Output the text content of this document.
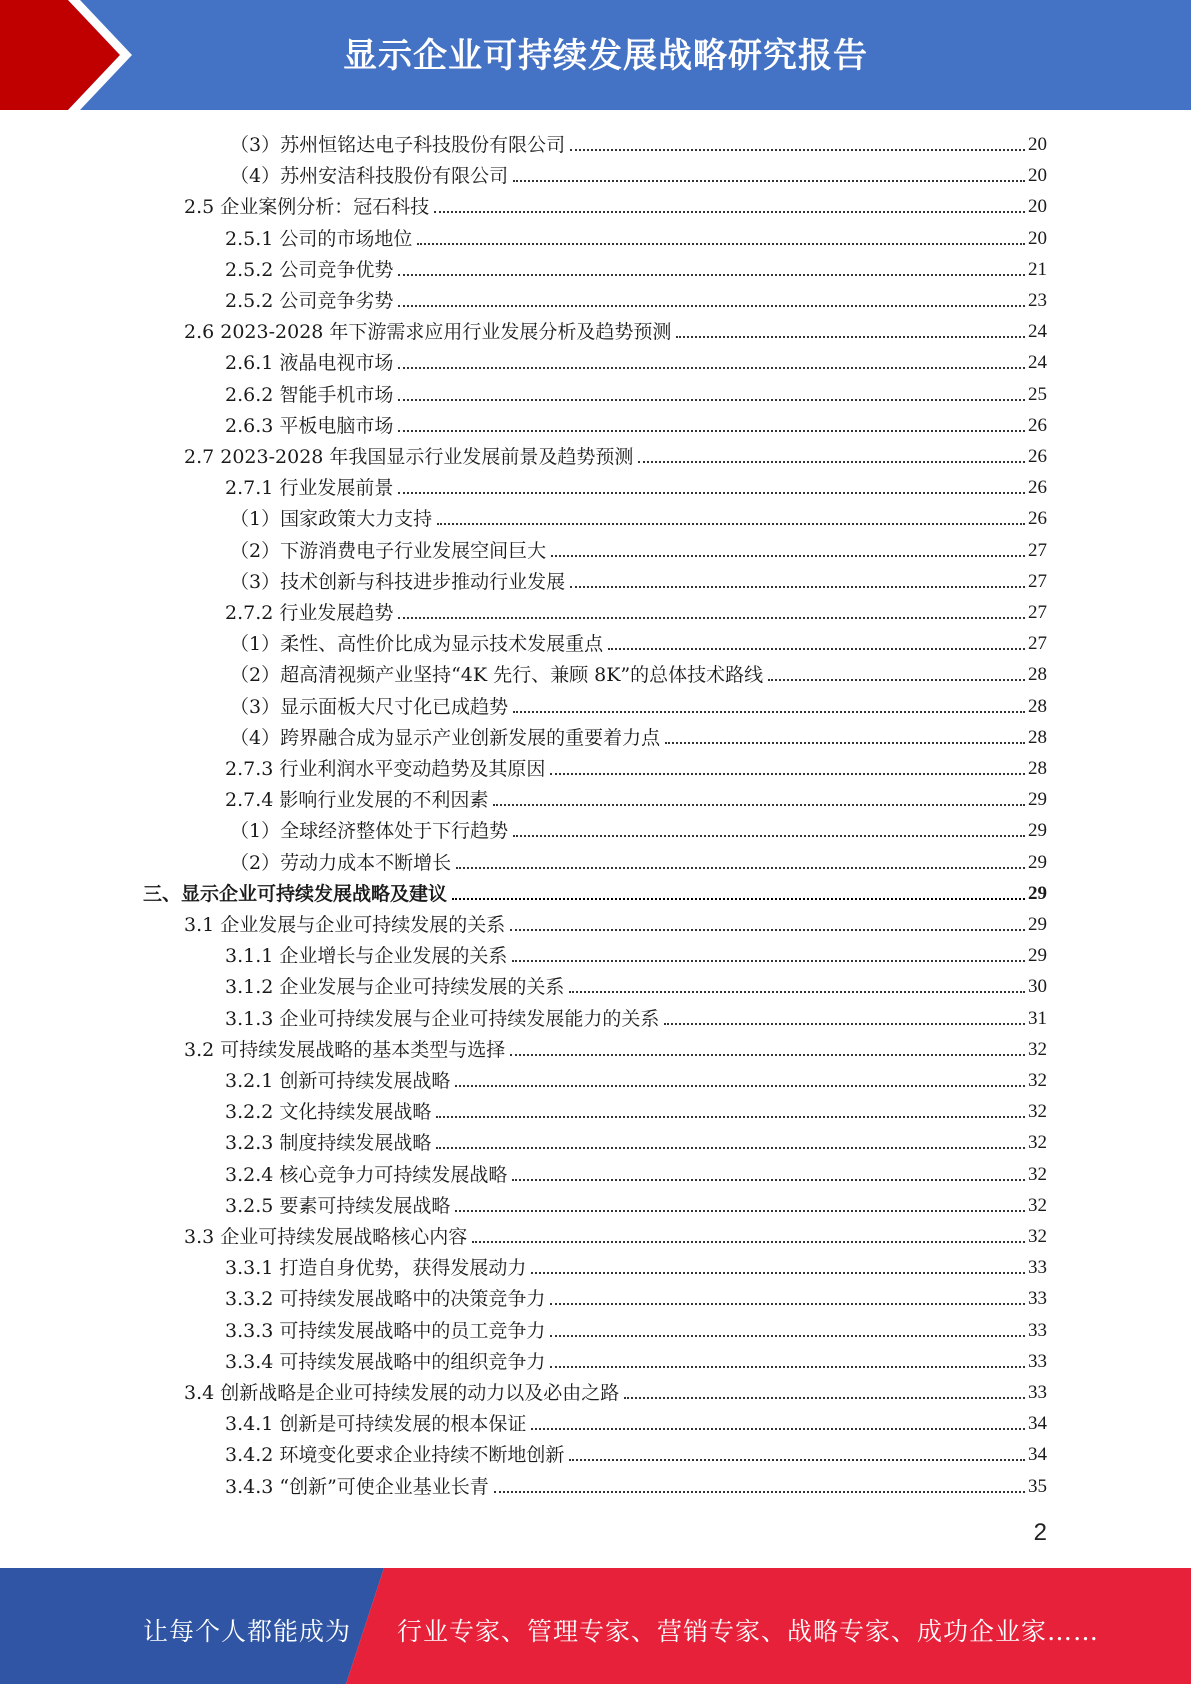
显示企业可持续发展战略研究报告
（3）苏州恒铭达电子科技股份有限公司	20
（4）苏州安洁科技股份有限公司	20
2.5 企业案例分析：冠石科技	20
2.5.1 公司的市场地位	20
2.5.2 公司竞争优势	21
2.5.2 公司竞争劣势	23
2.6 2023-2028 年下游需求应用行业发展分析及趋势预测	24
2.6.1 液晶电视市场	24
2.6.2 智能手机市场	25
2.6.3 平板电脑市场	26
2.7 2023-2028 年我国显示行业发展前景及趋势预测	26
2.7.1 行业发展前景	26
（1）国家政策大力支持	26
（2）下游消费电子行业发展空间巨大	27
（3）技术创新与科技进步推动行业发展	27
2.7.2 行业发展趋势	27
（1）柔性、高性价比成为显示技术发展重点	27
（2）超高清视频产业坚持“4K 先行、兼顾 8K”的总体技术路线	28
（3）显示面板大尺寸化已成趋势	28
（4）跨界融合成为显示产业创新发展的重要着力点	28
2.7.3 行业利润水平变动趋势及其原因	28
2.7.4 影响行业发展的不利因素	29
（1）全球经济整体处于下行趋势	29
（2）劳动力成本不断增长	29
三、显示企业可持续发展战略及建议	29
3.1 企业发展与企业可持续发展的关系	29
3.1.1 企业增长与企业发展的关系	29
3.1.2 企业发展与企业可持续发展的关系	30
3.1.3 企业可持续发展与企业可持续发展能力的关系	31
3.2 可持续发展战略的基本类型与选择	32
3.2.1 创新可持续发展战略	32
3.2.2 文化持续发展战略	32
3.2.3 制度持续发展战略	32
3.2.4 核心竞争力可持续发展战略	32
3.2.5 要素可持续发展战略	32
3.3 企业可持续发展战略核心内容	32
3.3.1 打造自身优势，获得发展动力	33
3.3.2 可持续发展战略中的决策竞争力	33
3.3.3 可持续发展战略中的员工竞争力	33
3.3.4 可持续发展战略中的组织竞争力	33
3.4 创新战略是企业可持续发展的动力以及必由之路	33
3.4.1 创新是可持续发展的根本保证	34
3.4.2 环境变化要求企业持续不断地创新	34
3.4.3 “创新”可使企业基业长青	35
2
让每个人都能成为 行业专家、管理专家、营销专家、战略专家、成功企业家……
